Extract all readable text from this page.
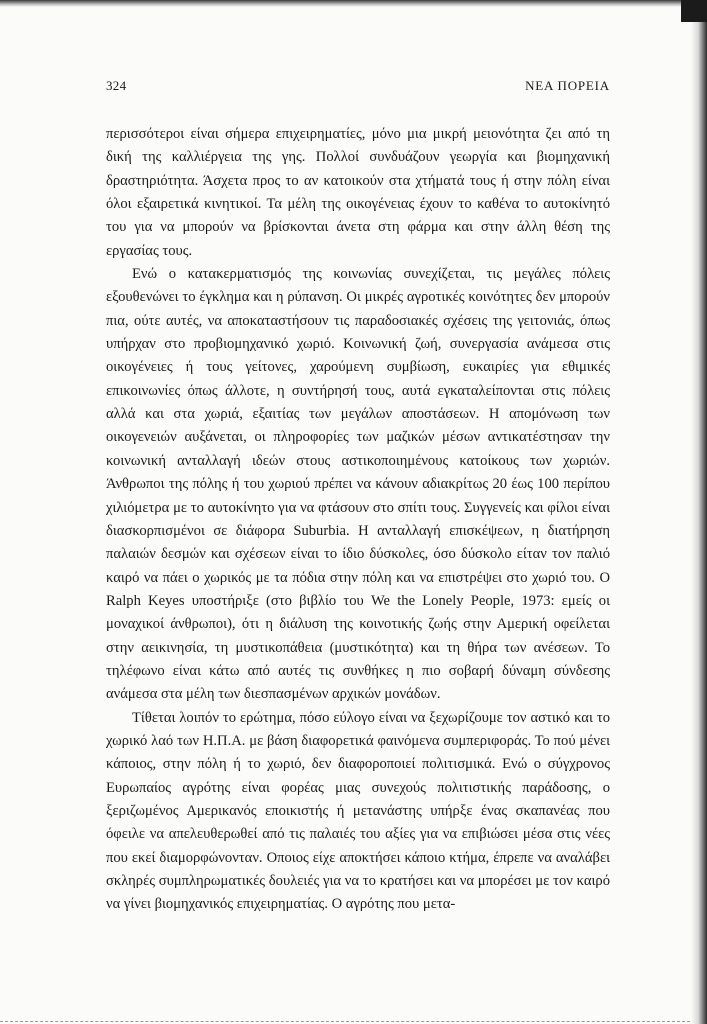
324	ΝΕΑ ΠΟΡΕΙΑ

περισσότεροι είναι σήμερα επιχειρηματίες, μόνο μια μικρή μειονότητα ζει από τη δική της καλλιέργεια της γης. Πολλοί συνδυάζουν γεωργία και βιομηχανική δραστηριότητα. Άσχετα προς το αν κατοικούν στα χτήματά τους ή στην πόλη είναι όλοι εξαιρετικά κινητικοί. Τα μέλη της οικογένειας έχουν το καθένα το αυτοκίνητό του για να μπορούν να βρίσκονται άνετα στη φάρμα και στην άλλη θέση της εργασίας τους.

Ενώ ο κατακερματισμός της κοινωνίας συνεχίζεται, τις μεγάλες πόλεις εξουθενώνει το έγκλημα και η ρύπανση. Οι μικρές αγροτικές κοινότητες δεν μπορούν πια, ούτε αυτές, να αποκαταστήσουν τις παραδοσιακές σχέσεις της γειτονιάς, όπως υπήρχαν στο προβιομηχανικό χωριό. Κοινωνική ζωή, συνεργασία ανάμεσα στις οικογένειες ή τους γείτονες, χαρούμενη συμβίωση, ευκαιρίες για εθιμικές επικοινωνίες όπως άλλοτε, η συντήρησή τους, αυτά εγκαταλείπονται στις πόλεις αλλά και στα χωριά, εξαιτίας των μεγάλων αποστάσεων. Η απομόνωση των οικογενειών αυξάνεται, οι πληροφορίες των μαζικών μέσων αντικατέστησαν την κοινωνική ανταλλαγή ιδεών στους αστικοποιημένους κατοίκους των χωριών. Άνθρωποι της πόλης ή του χωριού πρέπει να κάνουν αδιακρίτως 20 έως 100 περίπου χιλιόμετρα με το αυτοκίνητο για να φτάσουν στο σπίτι τους. Συγγενείς και φίλοι είναι διασκορπισμένοι σε διάφορα Suburbia. Η ανταλλαγή επισκέψεων, η διατήρηση παλαιών δεσμών και σχέσεων είναι το ίδιο δύσκολες, όσο δύσκολο είταν τον παλιό καιρό να πάει ο χωρικός με τα πόδια στην πόλη και να επιστρέψει στο χωριό του. Ο Ralph Keyes υποστήριξε (στο βιβλίο του We the Lonely People, 1973: εμείς οι μοναχικοί άνθρωποι), ότι η διάλυση της κοινοτικής ζωής στην Αμερική οφείλεται στην αεικινησία, τη μυστικοπάθεια (μυστικότητα) και τη θήρα των ανέσεων. Το τηλέφωνο είναι κάτω από αυτές τις συνθήκες η πιο σοβαρή δύναμη σύνδεσης ανάμεσα στα μέλη των διεσπασμένων αρχικών μονάδων.

Τίθεται λοιπόν το ερώτημα, πόσο εύλογο είναι να ξεχωρίζουμε τον αστικό και το χωρικό λαό των Η.Π.Α. με βάση διαφορετικά φαινόμενα συμπεριφοράς. Το πού μένει κάποιος, στην πόλη ή το χωριό, δεν διαφοροποιεί πολιτισμικά. Ενώ ο σύγχρονος Ευρωπαίος αγρότης είναι φορέας μιας συνεχούς πολιτιστικής παράδοσης, ο ξεριζωμένος Αμερικανός εποικιστής ή μετανάστης υπήρξε ένας σκαπανέας που όφειλε να απελευθερωθεί από τις παλαιές του αξίες για να επιβιώσει μέσα στις νέες που εκεί διαμορφώνονταν. Οποιος είχε αποκτήσει κάποιο κτήμα, έπρεπε να αναλάβει σκληρές συμπληρωματικές δουλειές για να το κρατήσει και να μπορέσει με τον καιρό να γίνει βιομηχανικός επιχειρηματίας. Ο αγρότης που μετα-
